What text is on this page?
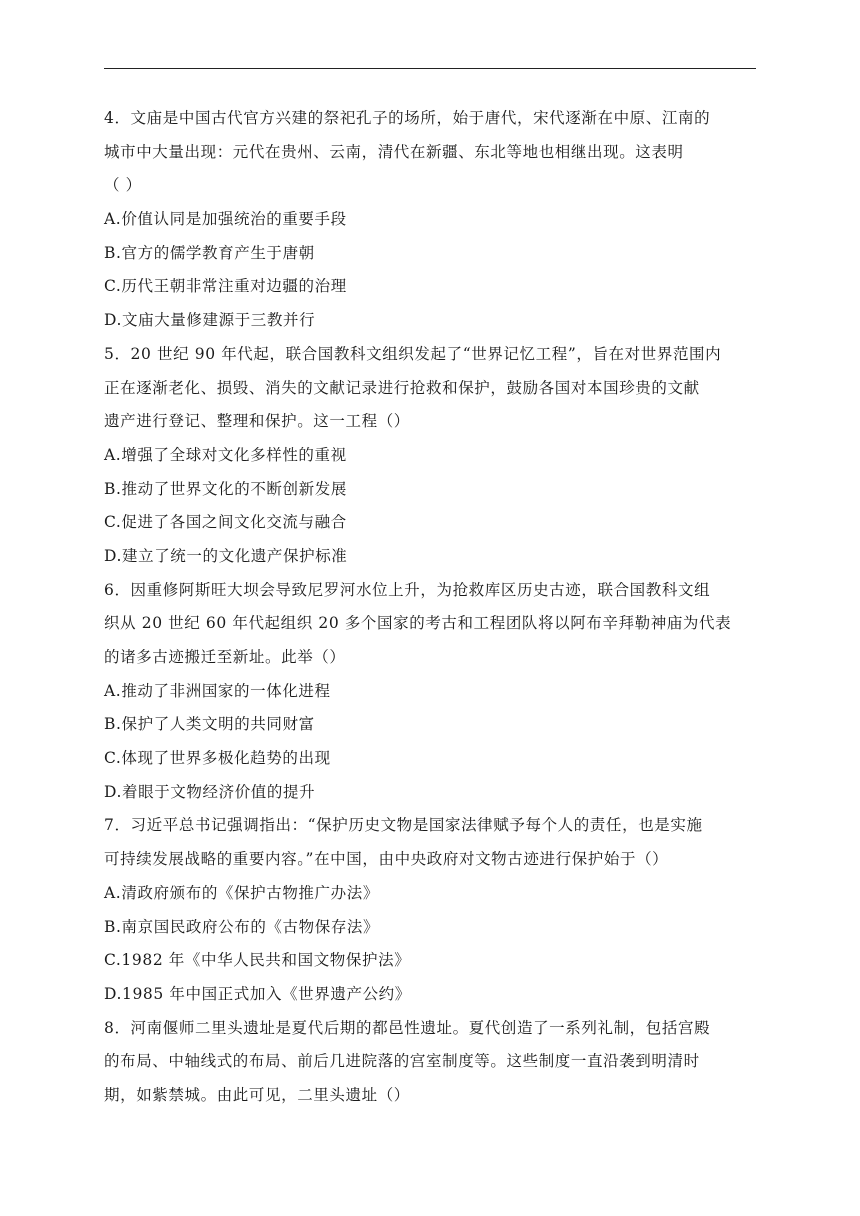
4．文庙是中国古代官方兴建的祭祀孔子的场所，始于唐代，宋代逐渐在中原、江南的
城市中大量出现：元代在贵州、云南，清代在新疆、东北等地也相继出现。这表明
（ ）
A.价值认同是加强统治的重要手段
B.官方的儒学教育产生于唐朝
C.历代王朝非常注重对边疆的治理
D.文庙大量修建源于三教并行
5．20 世纪 90 年代起，联合国教科文组织发起了“世界记忆工程”，旨在对世界范围内
正在逐渐老化、损毁、消失的文献记录进行抢救和保护，鼓励各国对本国珍贵的文献
遗产进行登记、整理和保护。这一工程（）
A.增强了全球对文化多样性的重视
B.推动了世界文化的不断创新发展
C.促进了各国之间文化交流与融合
D.建立了统一的文化遗产保护标准
6．因重修阿斯旺大坝会导致尼罗河水位上升，为抢救库区历史古迹，联合国教科文组
织从 20 世纪 60 年代起组织 20 多个国家的考古和工程团队将以阿布辛拜勒神庙为代表
的诸多古迹搬迁至新址。此举（）
A.推动了非洲国家的一体化进程
B.保护了人类文明的共同财富
C.体现了世界多极化趋势的出现
D.着眼于文物经济价值的提升
7．习近平总书记强调指出：“保护历史文物是国家法律赋予每个人的责任，也是实施
可持续发展战略的重要内容。”在中国，由中央政府对文物古迹进行保护始于（）
A.清政府颁布的《保护古物推广办法》
B.南京国民政府公布的《古物保存法》
C.1982 年《中华人民共和国文物保护法》
D.1985 年中国正式加入《世界遗产公约》
8．河南偃师二里头遗址是夏代后期的都邑性遗址。夏代创造了一系列礼制，包括宫殿
的布局、中轴线式的布局、前后几进院落的宫室制度等。这些制度一直沿袭到明清时
期，如紫禁城。由此可见，二里头遗址（）
